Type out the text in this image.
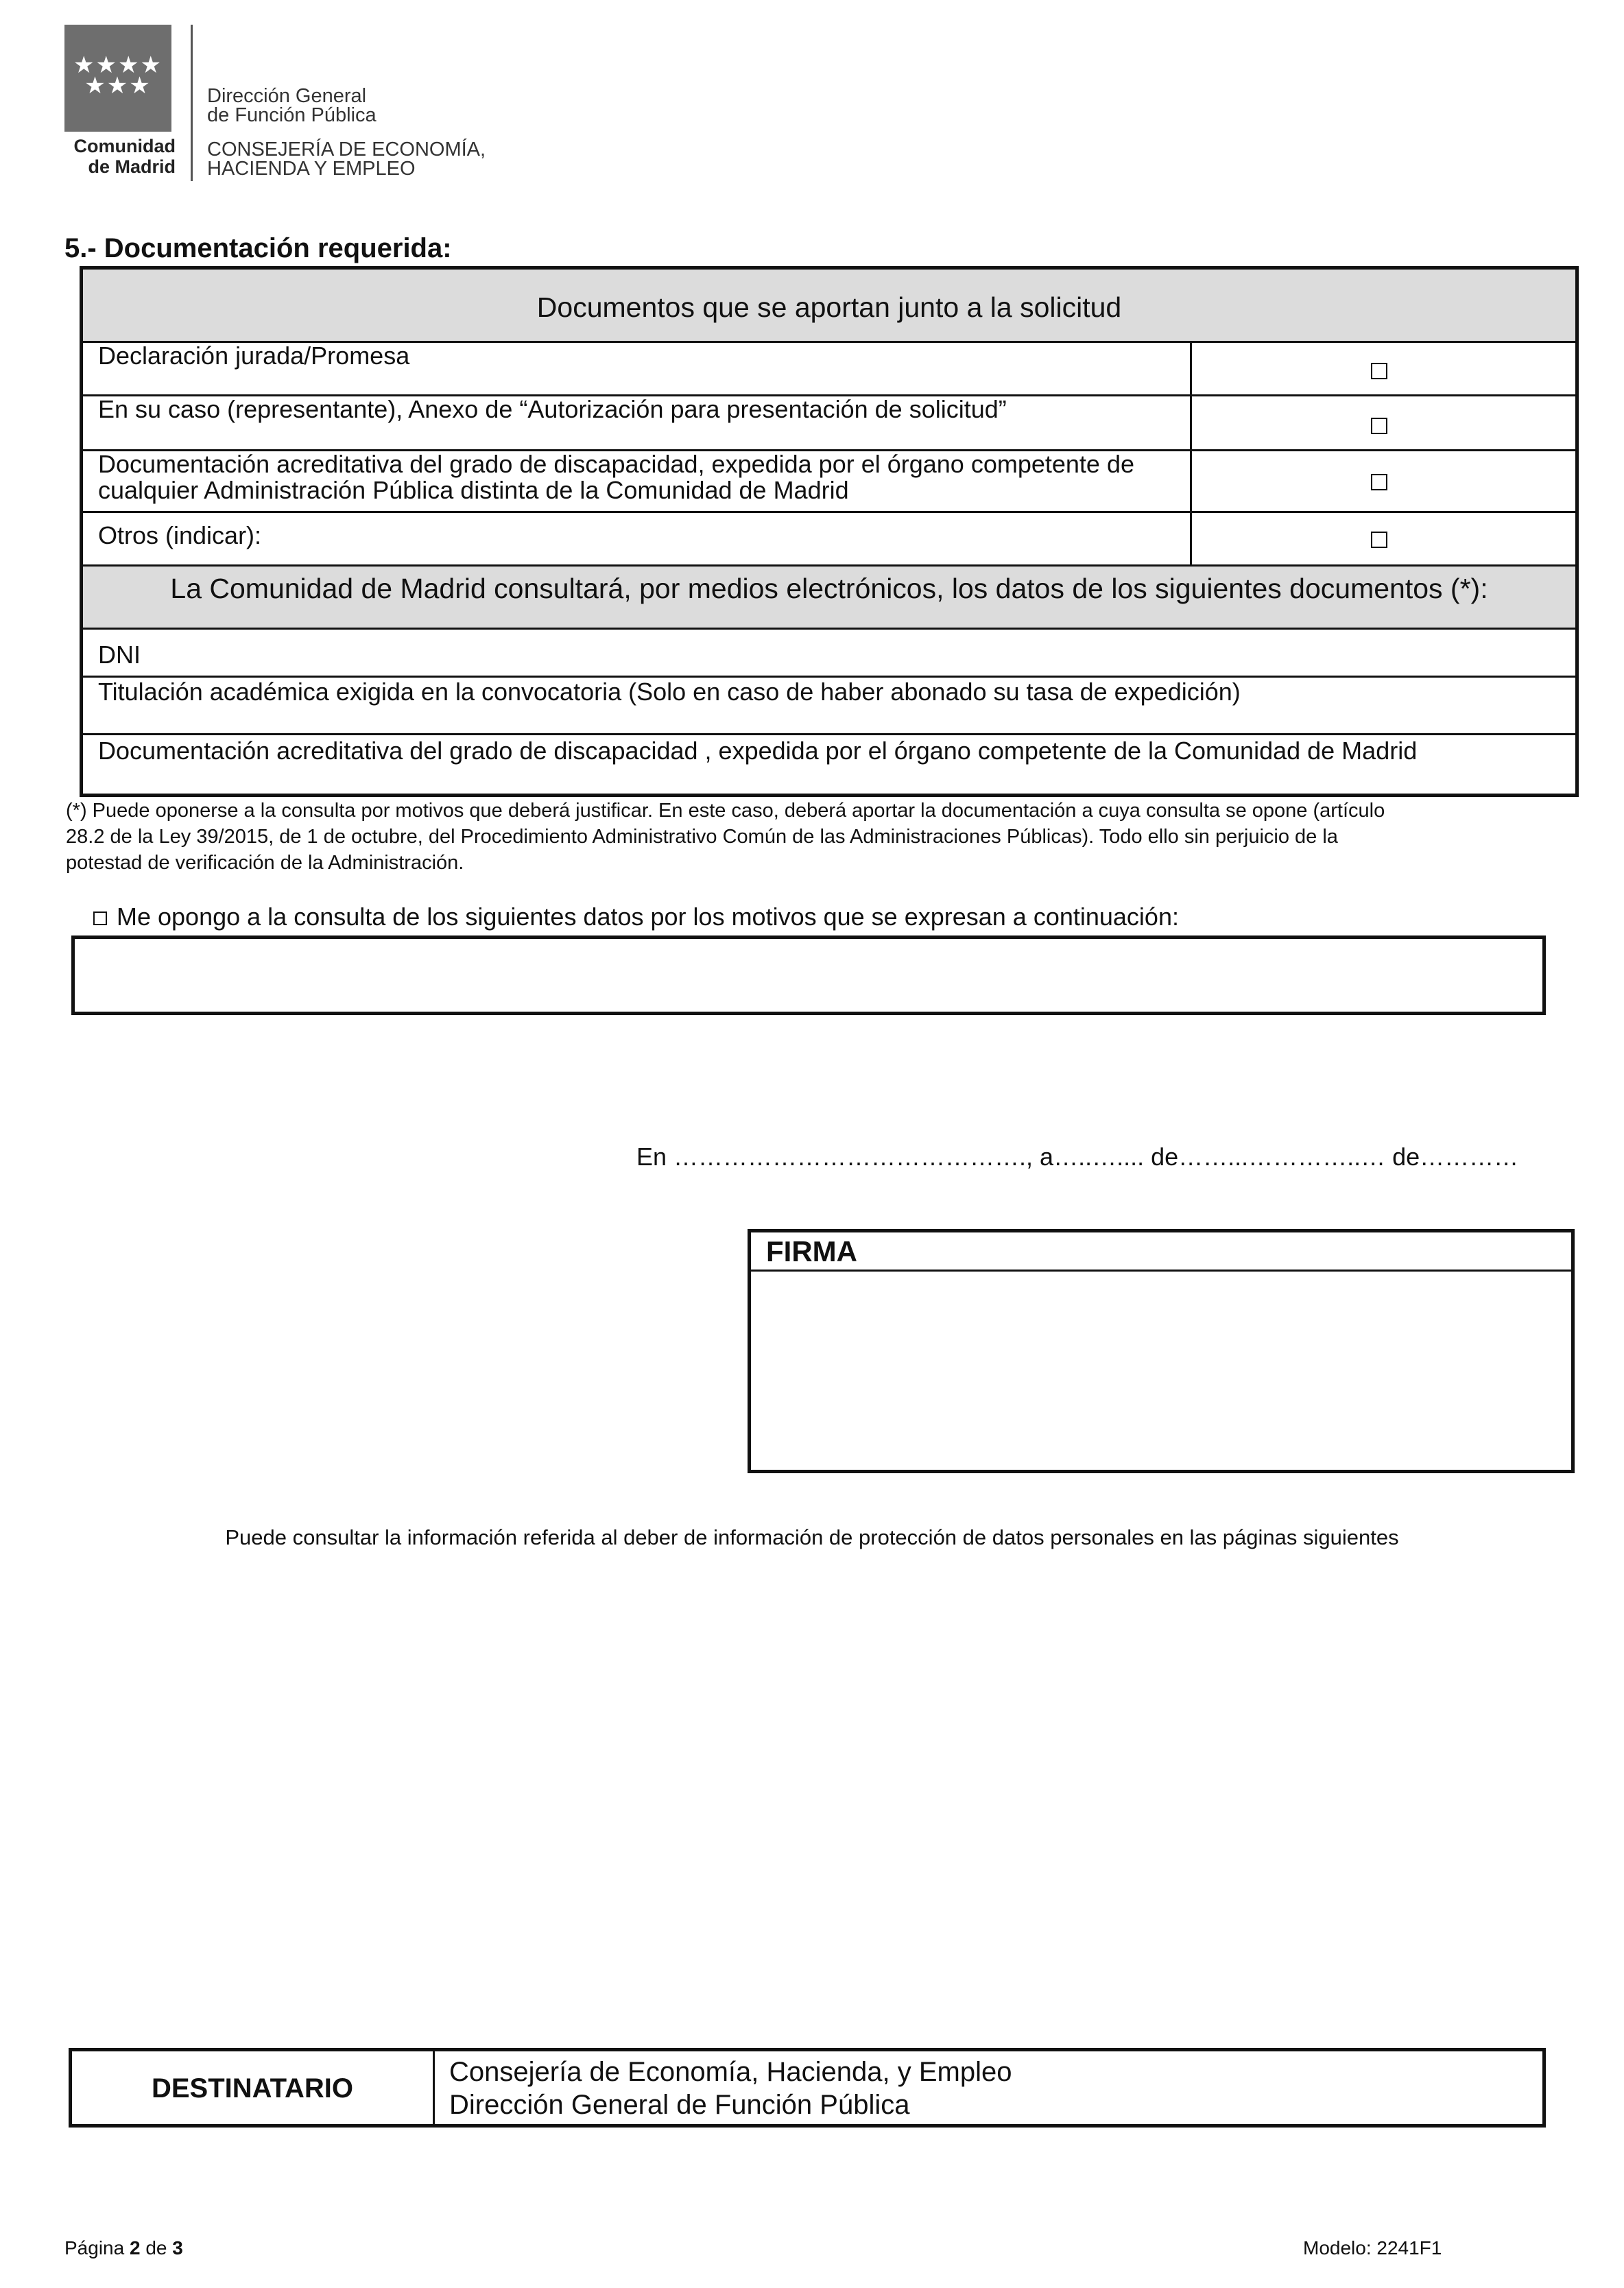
★★★★
★★★
Comunidad
de Madrid
Dirección General
de Función Pública
CONSEJERÍA DE ECONOMÍA,
HACIENDA Y EMPLEO
5.- Documentación requerida:
Documentos que se aportan junto a la solicitud
Declaración jurada/Promesa
En su caso (representante), Anexo de “Autorización para presentación de solicitud”
Documentación acreditativa del grado de discapacidad, expedida por el órgano competente de
cualquier Administración Pública distinta de la Comunidad de Madrid
Otros (indicar):
La Comunidad de Madrid consultará, por medios electrónicos, los datos de los siguientes documentos (*):
DNI
Titulación académica exigida en la convocatoria (Solo en caso de haber abonado su tasa de expedición)
Documentación acreditativa del grado de discapacidad , expedida por el órgano competente de la Comunidad de Madrid
(*) Puede oponerse a la consulta por motivos que deberá justificar. En este caso, deberá aportar la documentación a cuya consulta se opone (artículo
28.2 de la Ley 39/2015, de 1 de octubre, del Procedimiento Administrativo Común de las Administraciones Públicas). Todo ello sin perjuicio de la
potestad de verificación de la Administración.
Me opongo a la consulta de los siguientes datos por los motivos que se expresan a continuación:
En ……………………………………., a…..….... de……...…………..… de…………
FIRMA
Puede consultar la información referida al deber de información de protección de datos personales en las páginas siguientes
DESTINATARIO
Consejería de Economía, Hacienda, y Empleo
Dirección General de Función Pública
Página 2 de 3	Modelo: 2241F1
